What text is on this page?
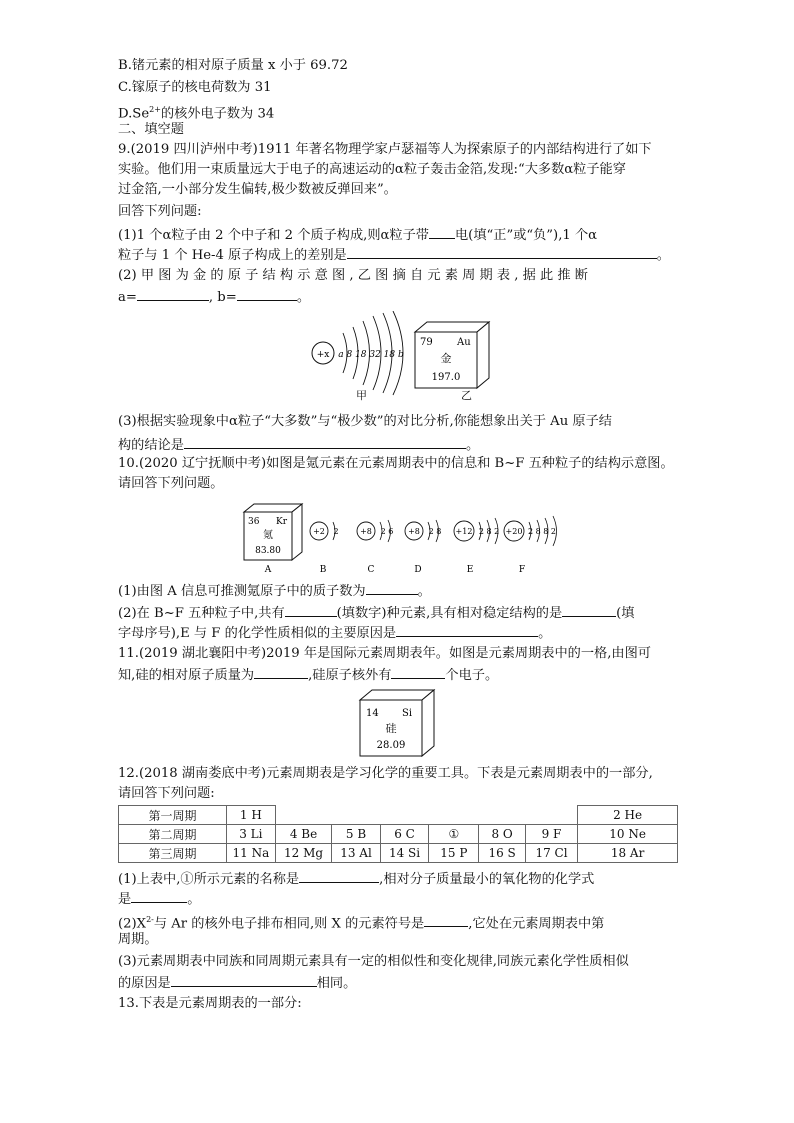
B.锗元素的相对原子质量 x 小于 69.72
C.镓原子的核电荷数为 31
$D.Se^{2+}$的核外电子数为 34
二、填空题
9.(2019 四川泸州中考)1911 年著名物理学家卢瑟福等人为探索原子的内部结构进行了如下
实验。他们用一束质量远大于电子的高速运动的α粒子轰击金箔,发现:“大多数α粒子能穿
过金箔,一小部分发生偏转,极少数被反弹回来”。
回答下列问题:
(1)1 个α粒子由 2 个中子和 2 个质子构成,则α粒子带 电(填“正”或“负”),1 个α
粒子与 1 个 He-4 原子构成上的差别是	。
(2) 甲 图 为 金 的 原 子 结 构 示 意 图 , 乙 图 摘 自 元 素 周 期 表 , 据 此 推 断
a=	, b=	。
+x a 8 18 32 18 b
79 Au
金
197.0
甲	乙
(3)根据实验现象中α粒子“大多数”与“极少数”的对比分析,你能想象出关于 Au 原子结
构的结论是	。
10.(2020 辽宁抚顺中考)如图是氪元素在元素周期表中的信息和 B~F 五种粒子的结构示意图。
请回答下列问题。
36 Kr
氪
83.80
+2 2	+8 2 6 +8 2 8 +12 2 8 2 +20 2 8 8 2
A	B	C	D	E	F
(1)由图 A 信息可推测氪原子中的质子数为	。
(2)在 B~F 五种粒子中,共有	(填数字)种元素,具有相对稳定结构的是	(填
字母序号),E 与 F 的化学性质相似的主要原因是	。
11.(2019 湖北襄阳中考)2019 年是国际元素周期表年。如图是元素周期表中的一格,由图可
知,硅的相对原子质量为	,硅原子核外有	个电子。
14 Si
硅
28.09
12.(2018 湖南娄底中考)元素周期表是学习化学的重要工具。下表是元素周期表中的一部分,
请回答下列问题:
第一周期	1 H							2 He
第二周期	3 Li	4 Be	5 B	6 C	①	8 O	9 F	10 Ne
第三周期	11 Na	12 Mg	13 Al	14 Si	15 P	16 S	17 Cl	18 Ar
(1)上表中,①所示元素的名称是	,相对分子质量最小的氧化物的化学式
是	。
$(2)X^{2-}$与 Ar 的核外电子排布相同,则 X 的元素符号是	,它处在元素周期表中第
周期。
(3)元素周期表中同族和同周期元素具有一定的相似性和变化规律,同族元素化学性质相似
的原因是	相同。
13.下表是元素周期表的一部分:
